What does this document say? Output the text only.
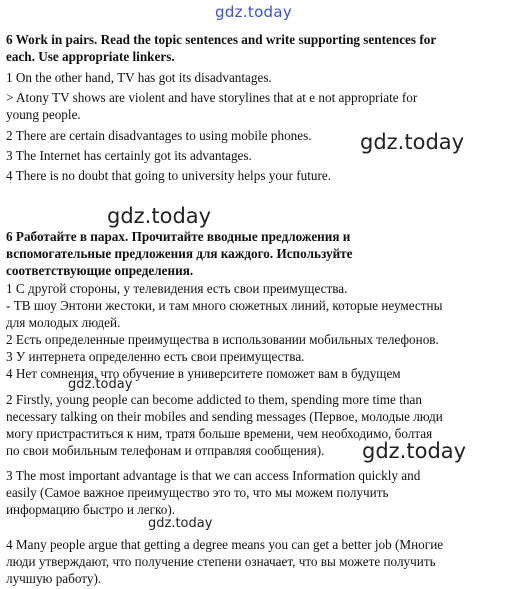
gdz.today
gdz.today
gdz.today
gdz.today
gdz.today
gdz.today
6 Work in pairs. Read the topic sentences and write supporting sentences for
each. Use appropriate linkers.
1 On the other hand, TV has got its disadvantages.
> Atony TV shows are violent and have storylines that at e not appropriate for
young people.
2 There are certain disadvantages to using mobile phones.
3 The Internet has certainly got its advantages.
4 There is no doubt that going to university helps your future.
6 Работайте в парах. Прочитайте вводные предложения и
вспомогательные предложения для каждого. Используйте
соответствующие определения.
1 С другой стороны, у телевидения есть свои преимущества.
- ТВ шоу Энтони жестоки, и там много сюжетных линий, которые неуместны
для молодых людей.
2 Есть определенные преимущества в использовании мобильных телефонов.
3 У интернета определенно есть свои преимущества.
4 Нет сомнения, что обучение в университете поможет вам в будущем
2 Firstly, young people can become addicted to them, spending more time than
necessary talking on their mobiles and sending messages (Первое, молодые люди
могу пристраститься к ним, тратя больше времени, чем необходимо, болтая
по свои мобильным телефонам и отправляя сообщения).
3 The most important advantage is that we can access Information quickly and
easily (Самое важное преимущество это то, что мы можем получить
информацию быстро и легко).
4 Many people argue that getting a degree means you can get a better job (Многие
люди утверждают, что получение степени означает, что вы можете получить
лучшую работу).
